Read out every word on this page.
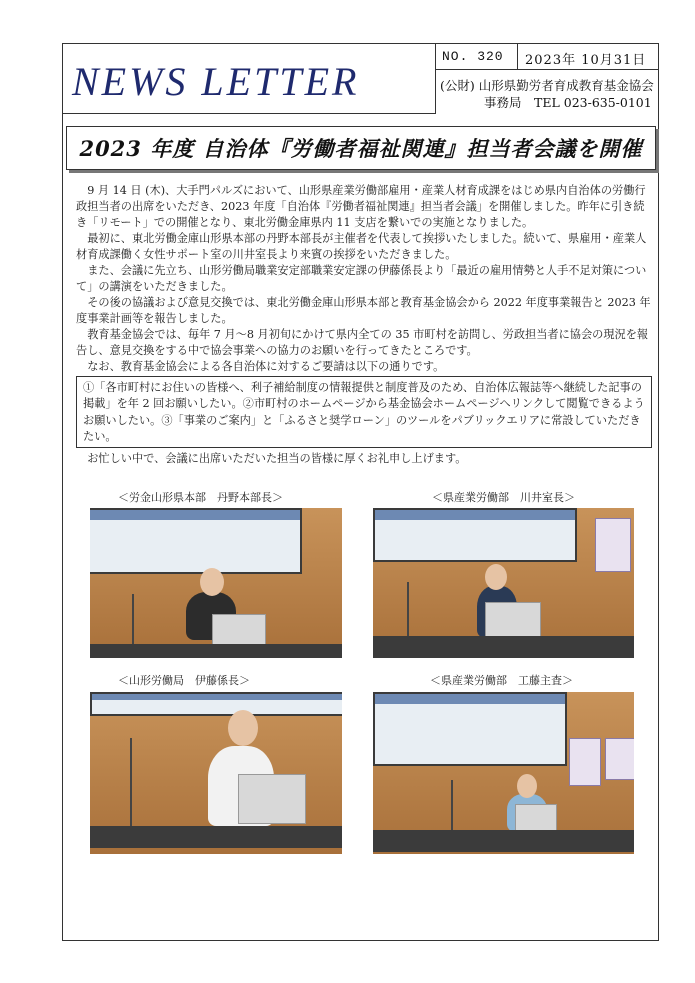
NEWS LETTER
NO. 320 2023年 10月31日
(公財) 山形県勤労者育成教育基金協会
事務局　TEL 023-635-0101
2023 年度 自治体『労働者福祉関連』担当者会議を開催

9 月 14 日 (木)、大手門パルズにおいて、山形県産業労働部雇用・産業人材育成課をはじめ県内自治体の労働行政担当者の出席をいただき、2023 年度「自治体『労働者福祉関連』担当者会議」を開催しました。昨年に引き続き「リモート」での開催となり、東北労働金庫県内 11 支店を繋いでの実施となりました。

最初に、東北労働金庫山形県本部の丹野本部長が主催者を代表して挨拶いたしました。続いて、県雇用・産業人材育成課働く女性サポート室の川井室長より来賓の挨拶をいただきました。

また、会議に先立ち、山形労働局職業安定部職業安定課の伊藤係長より「最近の雇用情勢と人手不足対策について」の講演をいただきました。

その後の協議および意見交換では、東北労働金庫山形県本部と教育基金協会から 2022 年度事業報告と 2023 年度事業計画等を報告しました。

教育基金協会では、毎年 7 月～8 月初旬にかけて県内全ての 35 市町村を訪問し、労政担当者に協会の現況を報告し、意見交換をする中で協会事業への協力のお願いを行ってきたところです。

なお、教育基金協会による各自治体に対するご要請は以下の通りです。

①「各市町村にお住いの皆様へ、利子補給制度の情報提供と制度普及のため、自治体広報誌等へ継続した記事の掲載」を年 2 回お願いしたい。②市町村のホームページから基金協会ホームページへリンクして閲覧できるようお願いしたい。③「事業のご案内」と「ふるさと奨学ローン」のツールをパブリックエリアに常設していただきたい。
お忙しい中で、会議に出席いただいた担当の皆様に厚くお礼申し上げます。
＜労金山形県本部　丹野本部長＞	＜県産業労働部　川井室長＞
＜山形労働局　伊藤係長＞	＜県産業労働部　工藤主査＞
